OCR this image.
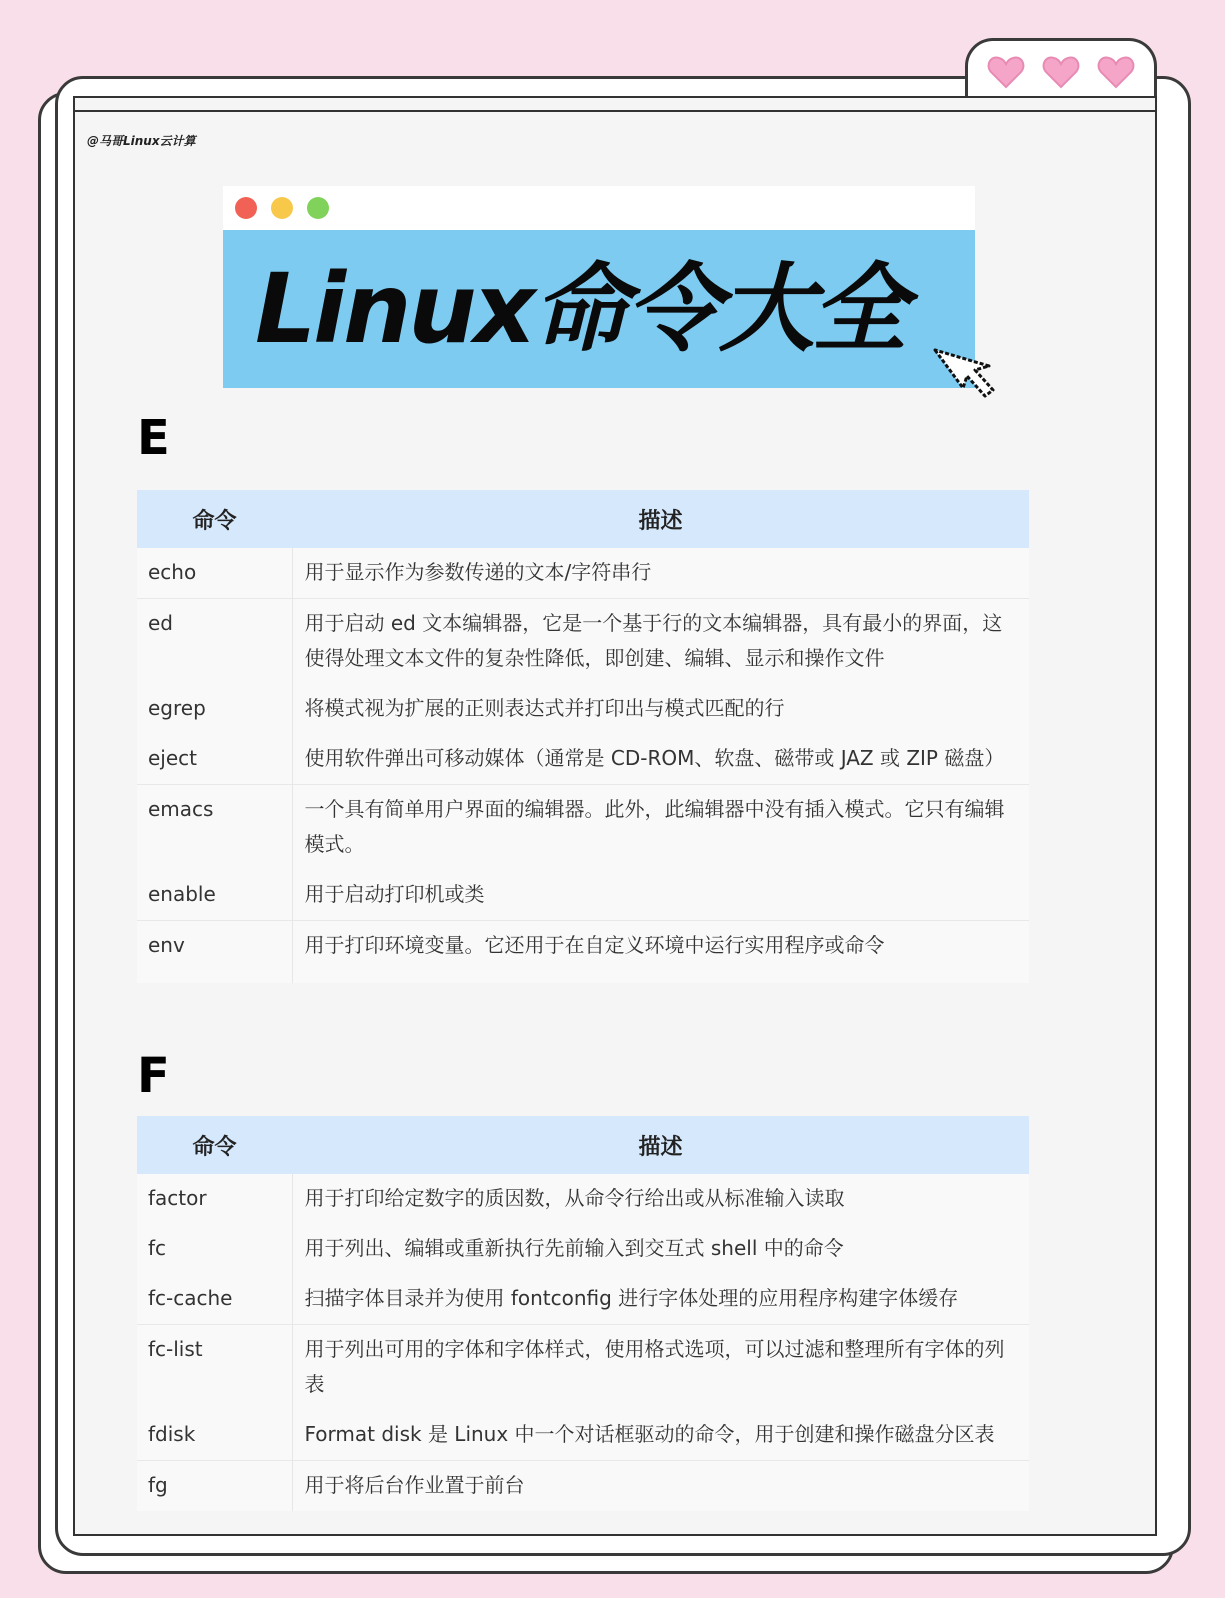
@马哥Linux云计算
Linux命令大全
E
命令	描述
echo	用于显示作为参数传递的文本/字符串行
ed	用于启动 ed 文本编辑器，它是一个基于行的文本编辑器，具有最小的界面，这使得处理文本文件的复杂性降低，即创建、编辑、显示和操作文件
egrep	将模式视为扩展的正则表达式并打印出与模式匹配的行
eject	使用软件弹出可移动媒体（通常是 CD-ROM、软盘、磁带或 JAZ 或 ZIP 磁盘）
emacs	一个具有简单用户界面的编辑器。此外，此编辑器中没有插入模式。它只有编辑模式。
enable	用于启动打印机或类
env	用于打印环境变量。它还用于在自定义环境中运行实用程序或命令
F
命令	描述
factor	用于打印给定数字的质因数，从命令行给出或从标准输入读取
fc	用于列出、编辑或重新执行先前输入到交互式 shell 中的命令
fc-cache	扫描字体目录并为使用 fontconfig 进行字体处理的应用程序构建字体缓存
fc-list	用于列出可用的字体和字体样式，使用格式选项，可以过滤和整理所有字体的列表
fdisk	Format disk 是 Linux 中一个对话框驱动的命令，用于创建和操作磁盘分区表
fg	用于将后台作业置于前台
